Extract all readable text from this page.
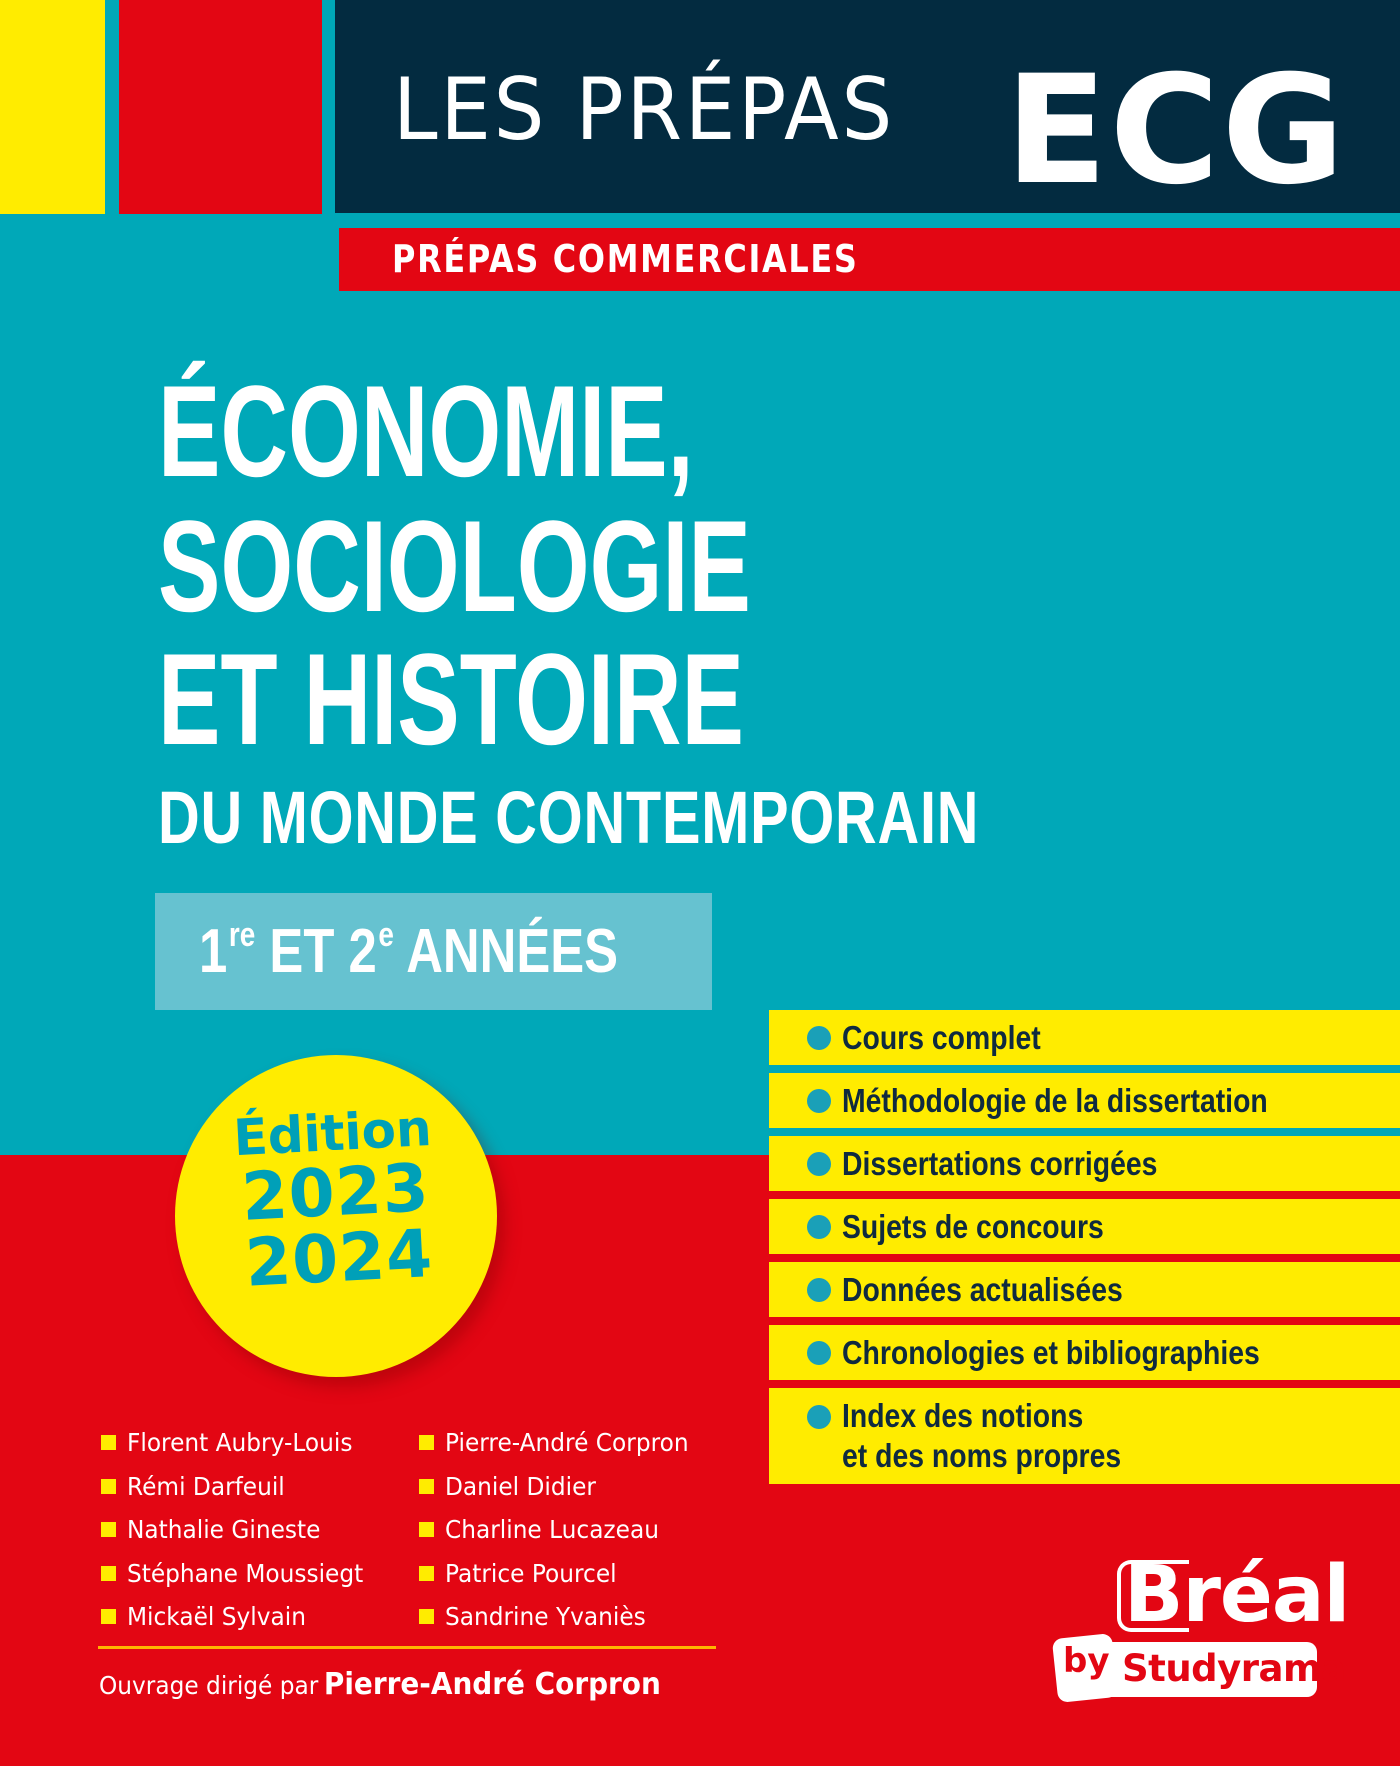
LES PRÉPAS ECG
PRÉPAS COMMERCIALES
ÉCONOMIE,
SOCIOLOGIE
ET HISTOIRE
DU MONDE CONTEMPORAIN
1re ET 2e ANNÉES
Édition
2023
2024
Cours complet
Méthodologie de la dissertation
Dissertations corrigées
Sujets de concours
Données actualisées
Chronologies et bibliographies
Index des notions
et des noms propres
Florent Aubry-Louis
Rémi Darfeuil
Nathalie Gineste
Stéphane Moussiegt
Mickaël Sylvain
Pierre-André Corpron
Daniel Didier
Charline Lucazeau
Patrice Pourcel
Sandrine Yvaniès
Ouvrage dirigé par Pierre-André Corpron
Bréal
by Studyrama
